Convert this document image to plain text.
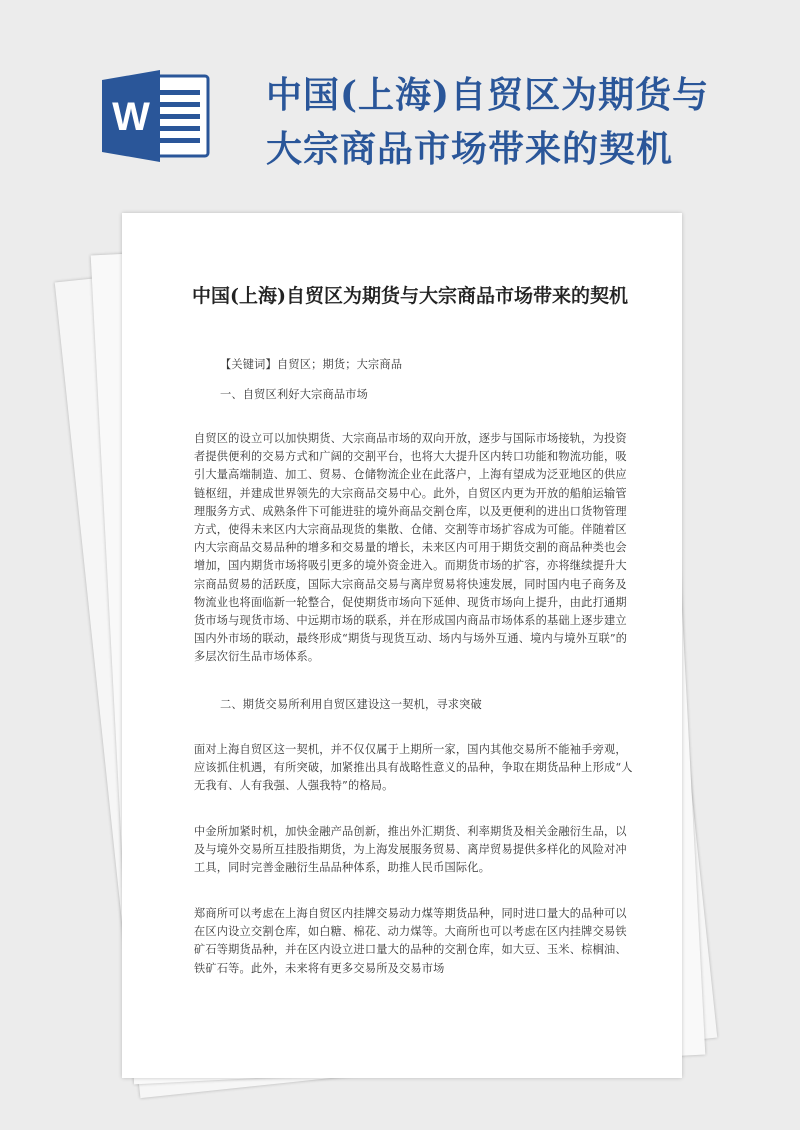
W	中国(上海)自贸区为期货与
大宗商品市场带来的契机
中国(上海)自贸区为期货与大宗商品市场带来的契机
【关键词】自贸区；期货；大宗商品
一、自贸区利好大宗商品市场
自贸区的设立可以加快期货、大宗商品市场的双向开放，逐步与国际市场接轨，为投资者提供便利的交易方式和广阔的交割平台，也将大大提升区内转口功能和物流功能，吸引大量高端制造、加工、贸易、仓储物流企业在此落户，上海有望成为泛亚地区的供应链枢纽，并建成世界领先的大宗商品交易中心。此外，自贸区内更为开放的船舶运输管理服务方式、成熟条件下可能进驻的境外商品交割仓库，以及更便利的进出口货物管理方式，使得未来区内大宗商品现货的集散、仓储、交割等市场扩容成为可能。伴随着区内大宗商品交易品种的增多和交易量的增长，未来区内可用于期货交割的商品种类也会增加，国内期货市场将吸引更多的境外资金进入。而期货市场的扩容，亦将继续提升大宗商品贸易的活跃度，国际大宗商品交易与离岸贸易将快速发展，同时国内电子商务及物流业也将面临新一轮整合，促使期货市场向下延伸、现货市场向上提升，由此打通期货市场与现货市场、中远期市场的联系，并在形成国内商品市场体系的基础上逐步建立国内外市场的联动，最终形成“期货与现货互动、场内与场外互通、境内与境外互联”的多层次衍生品市场体系。
二、期货交易所利用自贸区建设这一契机，寻求突破
面对上海自贸区这一契机，并不仅仅属于上期所一家，国内其他交易所不能袖手旁观，应该抓住机遇，有所突破，加紧推出具有战略性意义的品种，争取在期货品种上形成“人无我有、人有我强、人强我特”的格局。
中金所加紧时机，加快金融产品创新，推出外汇期货、利率期货及相关金融衍生品，以及与境外交易所互挂股指期货，为上海发展服务贸易、离岸贸易提供多样化的风险对冲工具，同时完善金融衍生品品种体系，助推人民币国际化。
郑商所可以考虑在上海自贸区内挂牌交易动力煤等期货品种，同时进口量大的品种可以在区内设立交割仓库，如白糖、棉花、动力煤等。大商所也可以考虑在区内挂牌交易铁矿石等期货品种，并在区内设立进口量大的品种的交割仓库，如大豆、玉米、棕榈油、铁矿石等。此外，未来将有更多交易所及交易市场
